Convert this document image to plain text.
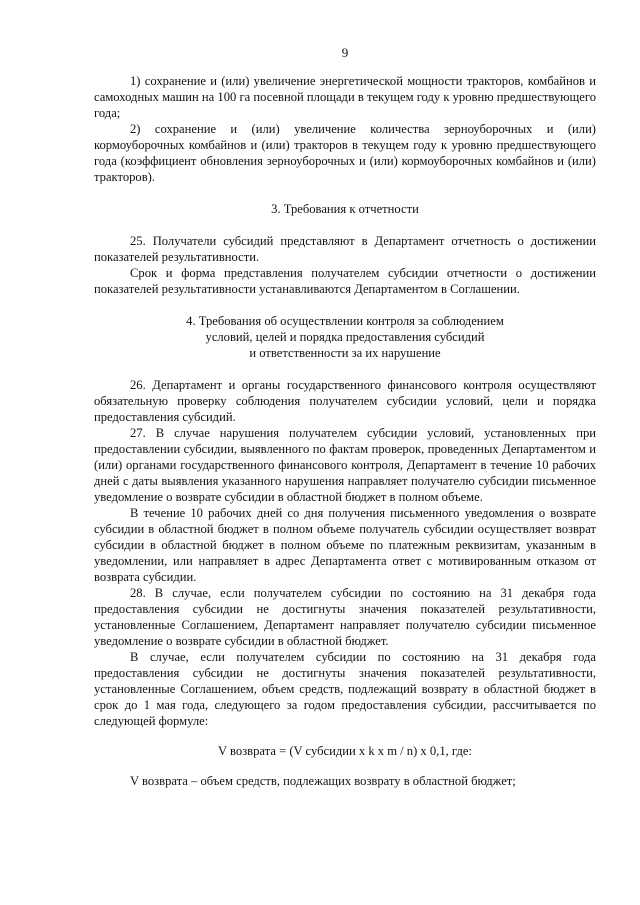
9

1) сохранение и (или) увеличение энергетической мощности тракторов, комбайнов и самоходных машин на 100 га посевной площади в текущем году к уровню предшествующего года;

2) сохранение и (или) увеличение количества зерноуборочных и (или) кормоуборочных комбайнов и (или) тракторов в текущем году к уровню предшествующего года (коэффициент обновления зерноуборочных и (или) кормоуборочных комбайнов и (или) тракторов).

3. Требования к отчетности

25. Получатели субсидий представляют в Департамент отчетность о достижении показателей результативности.

Срок и форма представления получателем субсидии отчетности о достижении показателей результативности устанавливаются Департаментом в Соглашении.

4. Требования об осуществлении контроля за соблюдением

условий, целей и порядка предоставления субсидий

и ответственности за их нарушение

26. Департамент и органы государственного финансового контроля осуществляют обязательную проверку соблюдения получателем субсидии условий, цели и порядка предоставления субсидий.

27. В случае нарушения получателем субсидии условий, установленных при предоставлении субсидии, выявленного по фактам проверок, проведенных Департаментом и (или) органами государственного финансового контроля, Департамент в течение 10 рабочих дней с даты выявления указанного нарушения направляет получателю субсидии письменное уведомление о возврате субсидии в областной бюджет в полном объеме.

В течение 10 рабочих дней со дня получения письменного уведомления о возврате субсидии в областной бюджет в полном объеме получатель субсидии осуществляет возврат субсидии в областной бюджет в полном объеме по платежным реквизитам, указанным в уведомлении, или направляет в адрес Департамента ответ с мотивированным отказом от возврата субсидии.

28. В случае, если получателем субсидии по состоянию на 31 декабря года предоставления субсидии не достигнуты значения показателей результативности, установленные Соглашением, Департамент направляет получателю субсидии письменное уведомление о возврате субсидии в областной бюджет.

В случае, если получателем субсидии по состоянию на 31 декабря года предоставления субсидии не достигнуты значения показателей результативности, установленные Соглашением, объем средств, подлежащий возврату в областной бюджет в срок до 1 мая года, следующего за годом предоставления субсидии, рассчитывается по следующей формуле:

V возврата = (V субсидии x k x m / n) x 0,1, где:

V возврата – объем средств, подлежащих возврату в областной бюджет;
